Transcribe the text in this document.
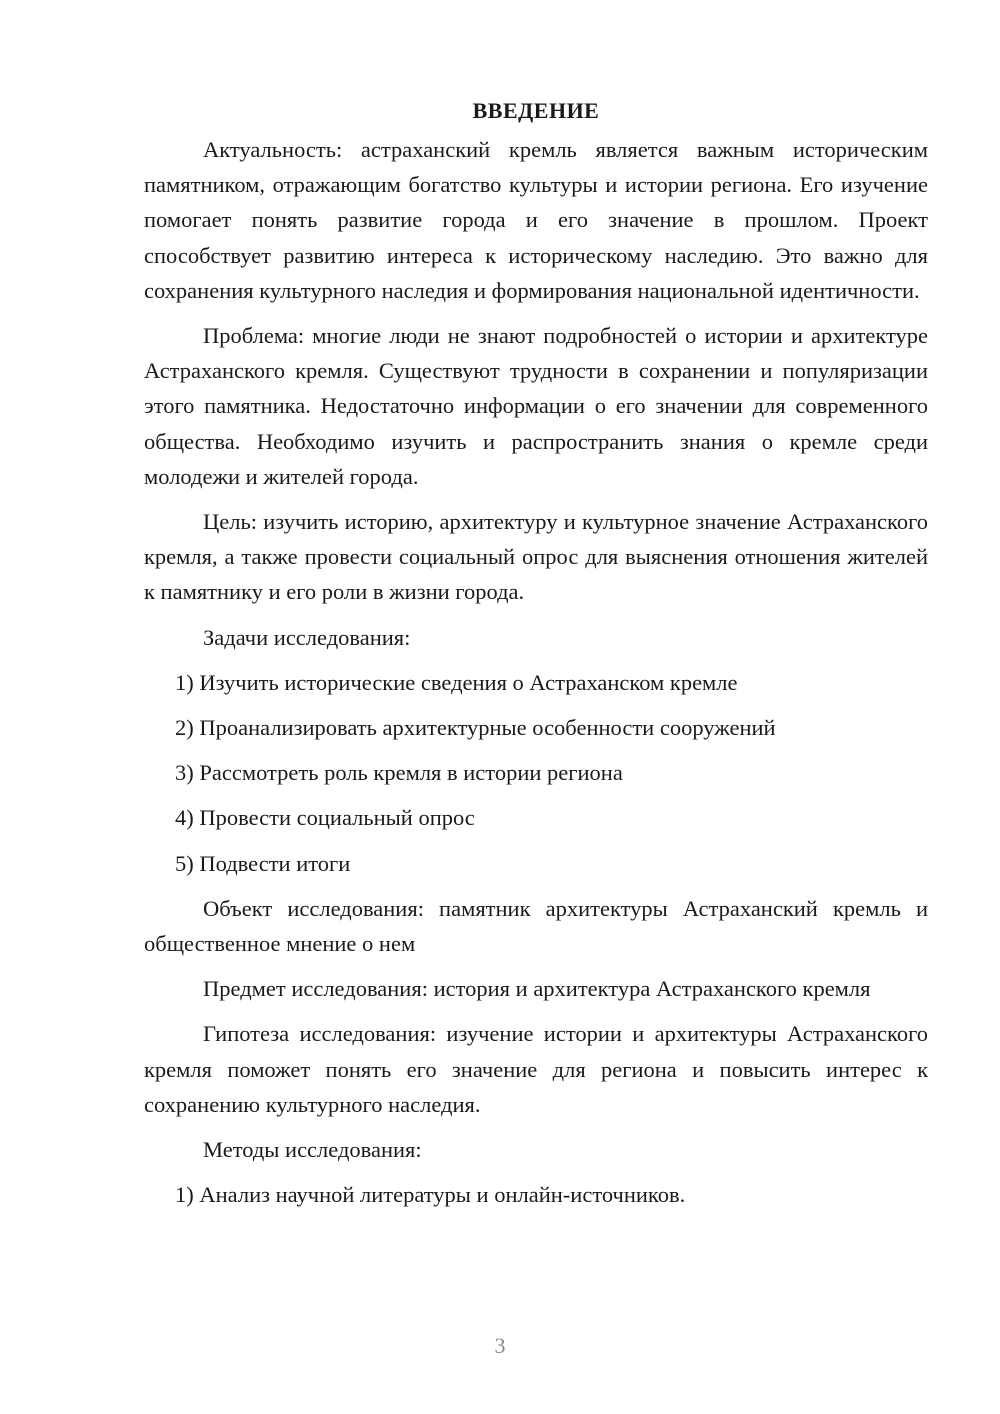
ВВЕДЕНИЕ

Актуальность: астраханский кремль является важным историческим памятником, отражающим богатство культуры и истории региона. Его изучение помогает понять развитие города и его значение в прошлом. Проект способствует развитию интереса к историческому наследию. Это важно для сохранения культурного наследия и формирования национальной идентичности.

Проблема: многие люди не знают подробностей о истории и архитектуре Астраханского кремля. Существуют трудности в сохранении и популяризации этого памятника. Недостаточно информации о его значении для современного общества. Необходимо изучить и распространить знания о кремле среди молодежи и жителей города.

Цель: изучить историю, архитектуру и культурное значение Астраханского кремля, а также провести социальный опрос для выяснения отношения жителей к памятнику и его роли в жизни города.

Задачи исследования:

1) Изучить исторические сведения о Астраханском кремле

2) Проанализировать архитектурные особенности сооружений

3) Рассмотреть роль кремля в истории региона

4) Провести социальный опрос

5) Подвести итоги

Объект исследования: памятник архитектуры Астраханский кремль и общественное мнение о нем

Предмет исследования: история и архитектура Астраханского кремля

Гипотеза исследования: изучение истории и архитектуры Астраханского кремля поможет понять его значение для региона и повысить интерес к сохранению культурного наследия.

Методы исследования:

1) Анализ научной литературы и онлайн-источников.

3
